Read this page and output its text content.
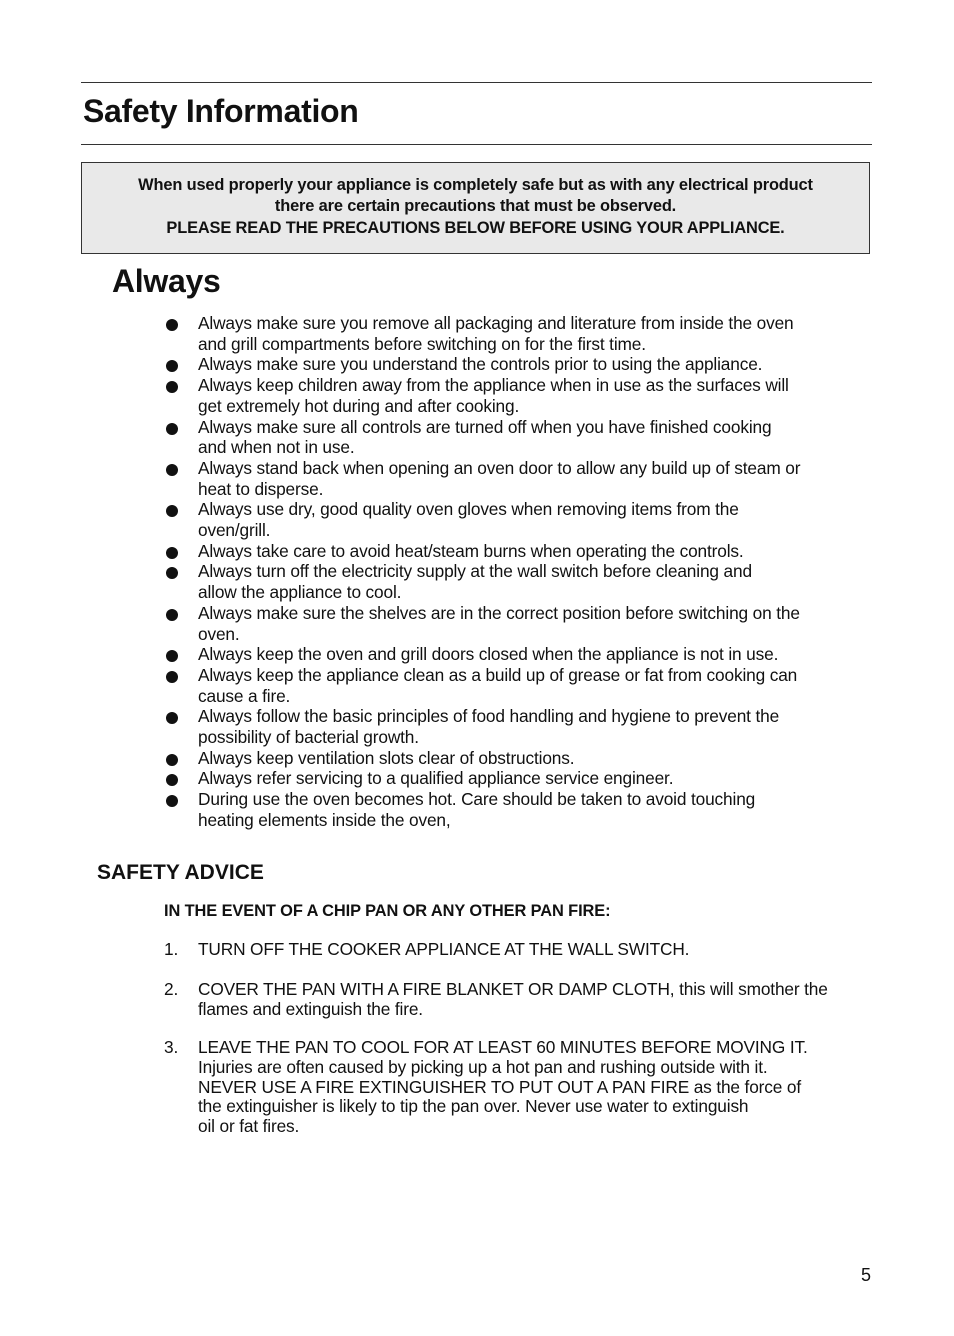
Safety Information
When used properly your appliance is completely safe but as with any electrical product
there are certain precautions that must be observed.
PLEASE READ THE PRECAUTIONS BELOW BEFORE USING YOUR APPLIANCE.
Always
Always make sure you remove all packaging and literature from inside the oven
and grill compartments before switching on for the first time.
Always make sure you understand the controls prior to using the appliance.
Always keep children away from the appliance when in use as the surfaces will
get extremely hot during and after cooking.
Always make sure all controls are turned off when you have finished cooking
and when not in use.
Always stand back when opening an oven door to allow any build up of steam or
heat to disperse.
Always use dry, good quality oven gloves when removing items from the
oven/grill.
Always take care to avoid heat/steam burns when operating the controls.
Always turn off the electricity supply at the wall switch before cleaning and
allow the appliance to cool.
Always make sure the shelves are in the correct position before switching on the
oven.
Always keep the oven and grill doors closed when the appliance is not in use.
Always keep the appliance clean as a build up of grease or fat from cooking can
cause a fire.
Always follow the basic principles of food handling and hygiene to prevent the
possibility of bacterial growth.
Always keep ventilation slots clear of obstructions.
Always refer servicing to a qualified appliance service engineer.
During use the oven becomes hot. Care should be taken to avoid touching
heating elements inside the oven,
SAFETY ADVICE
IN THE EVENT OF A CHIP PAN OR ANY OTHER PAN FIRE:
1. TURN OFF THE COOKER APPLIANCE AT THE WALL SWITCH.
2. COVER THE PAN WITH A FIRE BLANKET OR DAMP CLOTH, this will smother the
flames and extinguish the fire.
3. LEAVE THE PAN TO COOL FOR AT LEAST 60 MINUTES BEFORE MOVING IT.
Injuries are often caused by picking up a hot pan and rushing outside with it.
NEVER USE A FIRE EXTINGUISHER TO PUT OUT A PAN FIRE as the force of
the extinguisher is likely to tip the pan over. Never use water to extinguish
oil or fat fires.
5
